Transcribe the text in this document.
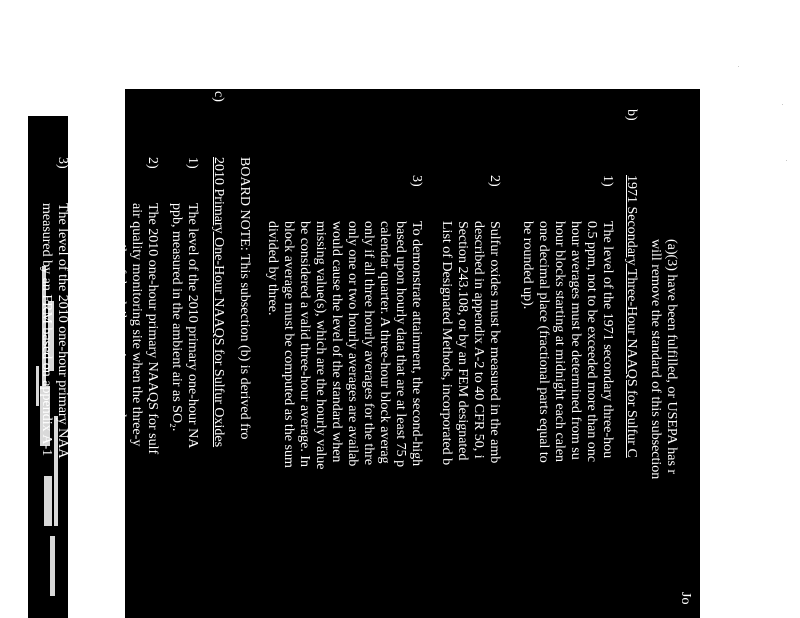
Jo
(a)(3) have been fulfilled, or USEPA has r
will remove the standard of this subsection
b)
1971 Secondary Three-Hour NAAQS for Sulfur C
1)
The level of the 1971 secondary three-hou
0.5 ppm, not to be exceeded more than onc
hour averages must be determined from su
hour blocks starting at midnight each calen
one decimal place (fractional parts equal to
be rounded up).
2)
Sulfur oxides must be measured in the amb
described in appendix A-2 to 40 CFR 50, i
Section 243.108, or by an FEM designated
List of Designated Methods, incorporated b
3)
To demonstrate attainment, the second-high
based upon hourly data that are at least 75 p
calendar quarter. A three-hour block averag
only if all three hourly averages for the thre
only one or two hourly averages are availab
would cause the level of the standard when
missing value(s), which are the hourly value
be considered a valid three-hour average. In
block average must be computed as the sum
divided by three.
BOARD NOTE: This subsection (b) is derived fro
c)
2010 Primary One-Hour NAAQS for Sulfur Oxides
1)
The level of the 2010 primary one-hour NA
ppb, measured in the ambient air as SO₂.
2)
The 2010 one-hour primary NAAQS for sulf
air quality monitoring site when the three-y
percentile of the daily maximum one-hour c
than or equal to 75 ppb, as determined in acc
40 CFR 50, incorporated by reference in Sec
3)
The level of the 2010 one-hour primary NAA
measured by an FRM based on appendix A-1
